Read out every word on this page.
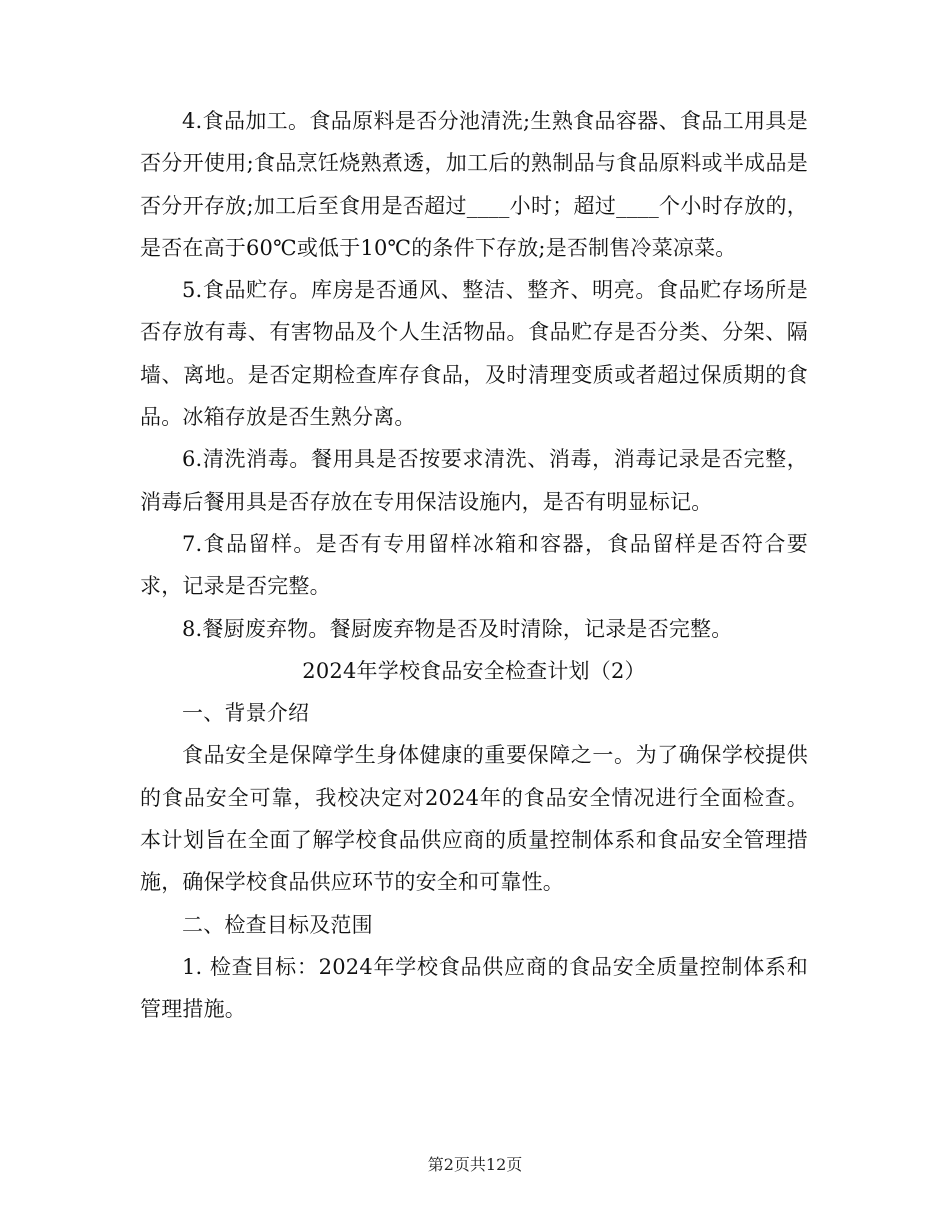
4.食品加工。食品原料是否分池清洗;生熟食品容器、食品工用具是否分开使用;食品烹饪烧熟煮透，加工后的熟制品与食品原料或半成品是否分开存放;加工后至食用是否超过____小时；超过____个小时存放的，是否在高于60℃或低于10℃的条件下存放;是否制售冷菜凉菜。

5.食品贮存。库房是否通风、整洁、整齐、明亮。食品贮存场所是否存放有毒、有害物品及个人生活物品。食品贮存是否分类、分架、隔墙、离地。是否定期检查库存食品，及时清理变质或者超过保质期的食品。冰箱存放是否生熟分离。

6.清洗消毒。餐用具是否按要求清洗、消毒，消毒记录是否完整，消毒后餐用具是否存放在专用保洁设施内，是否有明显标记。

7.食品留样。是否有专用留样冰箱和容器，食品留样是否符合要求，记录是否完整。

8.餐厨废弃物。餐厨废弃物是否及时清除，记录是否完整。

2024年学校食品安全检查计划（2）

一、背景介绍

食品安全是保障学生身体健康的重要保障之一。为了确保学校提供的食品安全可靠，我校决定对2024年的食品安全情况进行全面检查。本计划旨在全面了解学校食品供应商的质量控制体系和食品安全管理措施，确保学校食品供应环节的安全和可靠性。

二、检查目标及范围

1. 检查目标：2024年学校食品供应商的食品安全质量控制体系和管理措施。

第2页共12页
